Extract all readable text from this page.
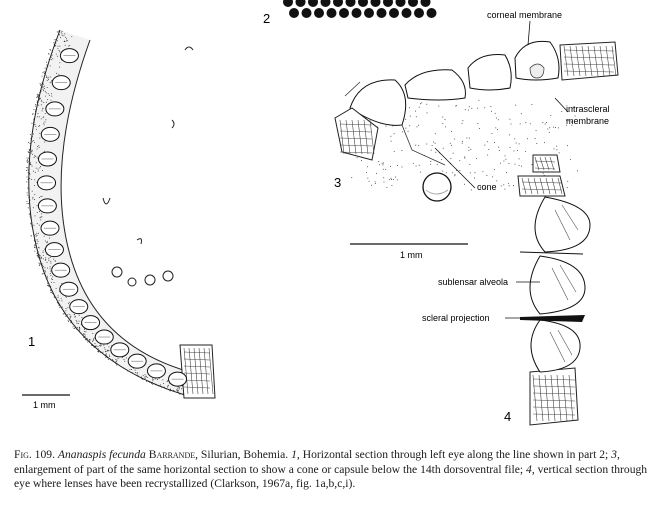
2
1
3
4
corneal membrane
intrascleral
membrane
cone
sublensar alveola
scleral projection
1 mm
1 mm
Fig. 109. Ananaspis fecunda Barrande, Silurian, Bohemia. 1, Horizontal section through left eye along the line shown in part 2; 3, enlargement of part of the same horizontal section to show a cone or capsule below the 14th dorsoventral file; 4, vertical section through eye where lenses have been recrystallized (Clarkson, 1967a, fig. 1a,b,c,i).
